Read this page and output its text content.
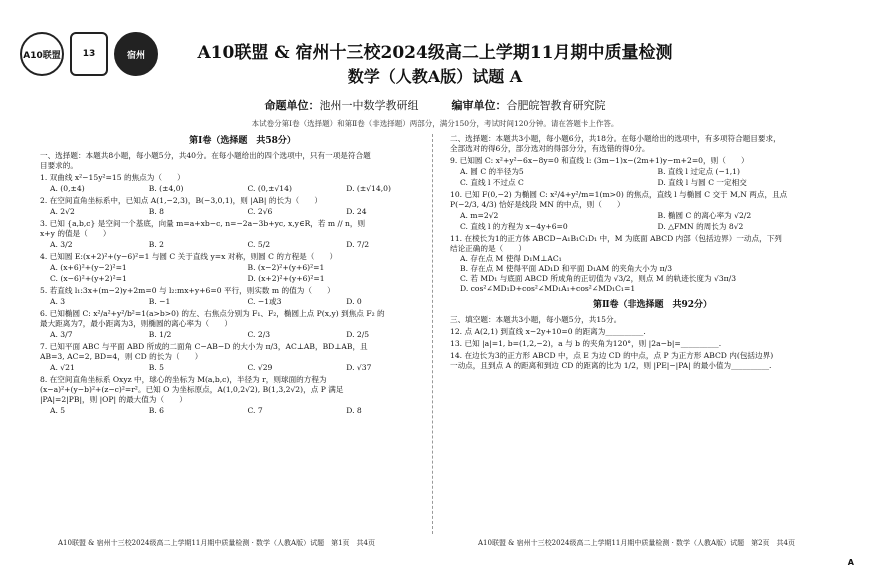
A10联盟 13	宿州	A10联盟 & 宿州十三校2024级高二上学期11月期中质量检测
数学（人教A版）试题 A
命题单位：池州一中数学教研组	编审单位：合肥皖智教育研究院
本试卷分第Ⅰ卷（选择题）和第Ⅱ卷（非选择题）两部分，满分150分，考试时间120分钟。请在答题卡上作答。
第Ⅰ卷（选择题　共58分）

一、选择题：本题共8小题，每小题5分，共40分。在每小题给出的四个选项中，只有一项是符合题

目要求的。

1. 双曲线 x²−15y²=15 的焦点为（　　）

A. (0,±4)	B. (±4,0)	C. (0,±√14)	D. (±√14,0)

2. 在空间直角坐标系中，已知点 A(1,−2,3)，B(−3,0,1)，则 |AB| 的长为（　　）

A. 2√2	B. 8	C. 2√6	D. 24

3. 已知 {a,b,c} 是空间一个基底，向量 m=a+xb−c, n=−2a−3b+yc, x,y∈R，若 m // n，则

x+y 的值是（　　）

A. 3/2	B. 2	C. 5/2	D. 7/2

4. 已知圆 E:(x+2)²+(y−6)²=1 与圆 C 关于直线 y=x 对称，则圆 C 的方程是（　　）

A. (x+6)²+(y−2)²=1	B. (x−2)²+(y+6)²=1
C. (x−6)²+(y+2)²=1	D. (x+2)²+(y+6)²=1

5. 若直线 l₁:3x+(m−2)y+2m=0 与 l₂:mx+y+6=0 平行，则实数 m 的值为（　　）

A. 3	B. −1	C. −1或3	D. 0

6. 已知椭圆 C: x²/a²+y²/b²=1(a>b>0) 的左、右焦点分别为 F₁、F₂，椭圆上点 P(x,y) 到焦点 F₂ 的

最大距离为7，最小距离为3，则椭圆的离心率为（　　）

A. 3/7	B. 1/2	C. 2/3	D. 2/5

7. 已知平面 ABC 与平面 ABD 所成的二面角 C−AB−D 的大小为 π/3，AC⊥AB，BD⊥AB，且

AB=3, AC=2, BD=4，则 CD 的长为（　　）

A. √21	B. 5	C. √29	D. √37

8. 在空间直角坐标系 Oxyz 中，球心的坐标为 M(a,b,c)，半径为 r，则球面的方程为

(x−a)²+(y−b)²+(z−c)²=r²。已知 O 为坐标原点，A(1,0,2√2), B(1,3,2√2)，点 P 满足

|PA|=2|PB|，则 |OP| 的最大值为（　　）

A. 5	B. 6	C. 7	D. 8

二、选择题：本题共3小题，每小题6分，共18分。在每小题给出的选项中，有多项符合题目要求，

全部选对的得6分，部分选对的得部分分，有选错的得0分。

9. 已知圆 C: x²+y²−6x−8y=0 和直线 l: (3m−1)x−(2m+1)y−m+2=0，则（　　）

A. 圆 C 的半径为5	B. 直线 l 过定点 (−1,1)
C. 直线 l 不过点 C	D. 直线 l 与圆 C 一定相交

10. 已知 F(0,−2) 为椭圆 C: x²/4+y²/m=1(m>0) 的焦点，直线 l 与椭圆 C 交于 M,N 两点，且点

P(−2/3, 4/3) 恰好是线段 MN 的中点，则（　　）

A. m=2√2	B. 椭圆 C 的离心率为 √2/2
C. 直线 l 的方程为 x−4y+6=0	D. △FMN 的周长为 8√2

11. 在棱长为1的正方体 ABCD−A₁B₁C₁D₁ 中，M 为底面 ABCD 内部（包括边界）一动点，下列

结论正确的是（　　）

A. 存在点 M 使得 D₁M⊥AC₁

B. 存在点 M 使得平面 AD₁D 和平面 D₁AM 的夹角大小为 π/3

C. 若 MD₁ 与底面 ABCD 所成角的正切值为 √3/2，则点 M 的轨迹长度为 √3π/3

D. cos²∠MD₁D+cos²∠MD₁A₁+cos²∠MD₁C₁=1

第Ⅱ卷（非选择题　共92分）

三、填空题：本题共3小题，每小题5分，共15分。

12. 点 A(2,1) 到直线 x−2y+10=0 的距离为__________.

13. 已知 |a|=1, b=(1,2,−2)，a 与 b 的夹角为120°，则 |2a−b|=__________.

14. 在边长为3的正方形 ABCD 中，点 E 为边 CD 的中点，点 P 为正方形 ABCD 内(包括边界)

一动点，且到点 A 的距离和到边 CD 的距离的比为 1/2，则 |PE|−|PA| 的最小值为__________.

A10联盟 & 宿州十三校2024级高二上学期11月期中质量检测 · 数学（人教A版）试题　第1页　共4页	A10联盟 & 宿州十三校2024级高二上学期11月期中质量检测 · 数学（人教A版）试题　第2页　共4页
A
